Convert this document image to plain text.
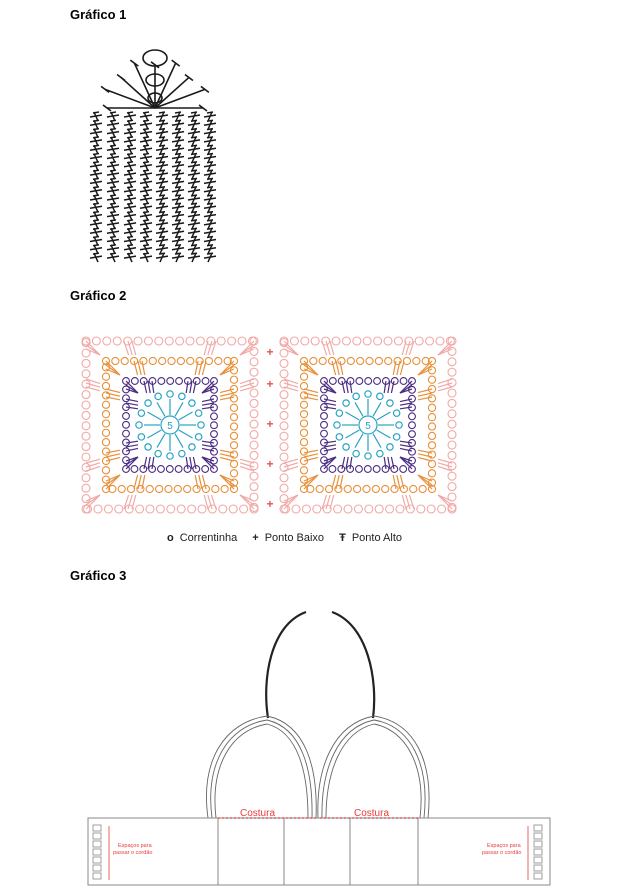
Gráfico 1
Gráfico 2
Gráfico 3
5	5
+
+
+
+
+
o Correntinha + Ponto Baixo Ŧ Ponto Alto
Costura	Costura
Espaços para
passar o cordão
Espaços para
passar o cordão
